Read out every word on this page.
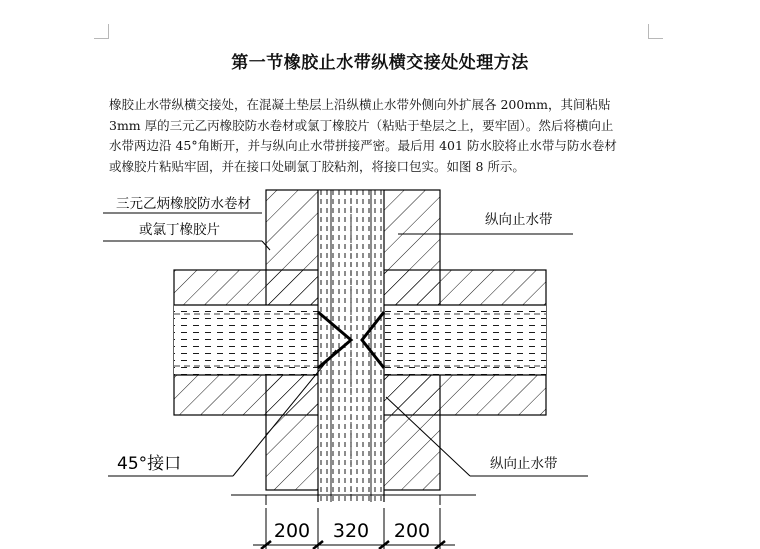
第一节橡胶止水带纵横交接处处理方法
橡胶止水带纵横交接处，在混凝土垫层上沿纵横止水带外侧向外扩展各 200mm，其间粘贴
3mm 厚的三元乙丙橡胶防水卷材或氯丁橡胶片（粘贴于垫层之上，要牢固）。然后将横向止
水带两边沿 45°角断开，并与纵向止水带拼接严密。最后用 401 防水胶将止水带与防水卷材
或橡胶片粘贴牢固，并在接口处刷氯丁胶粘剂，将接口包实。如图 8 所示。
三元乙炳橡胶防水卷材
或氯丁橡胶片
纵向止水带
45°接口	纵向止水带
200 320 200
